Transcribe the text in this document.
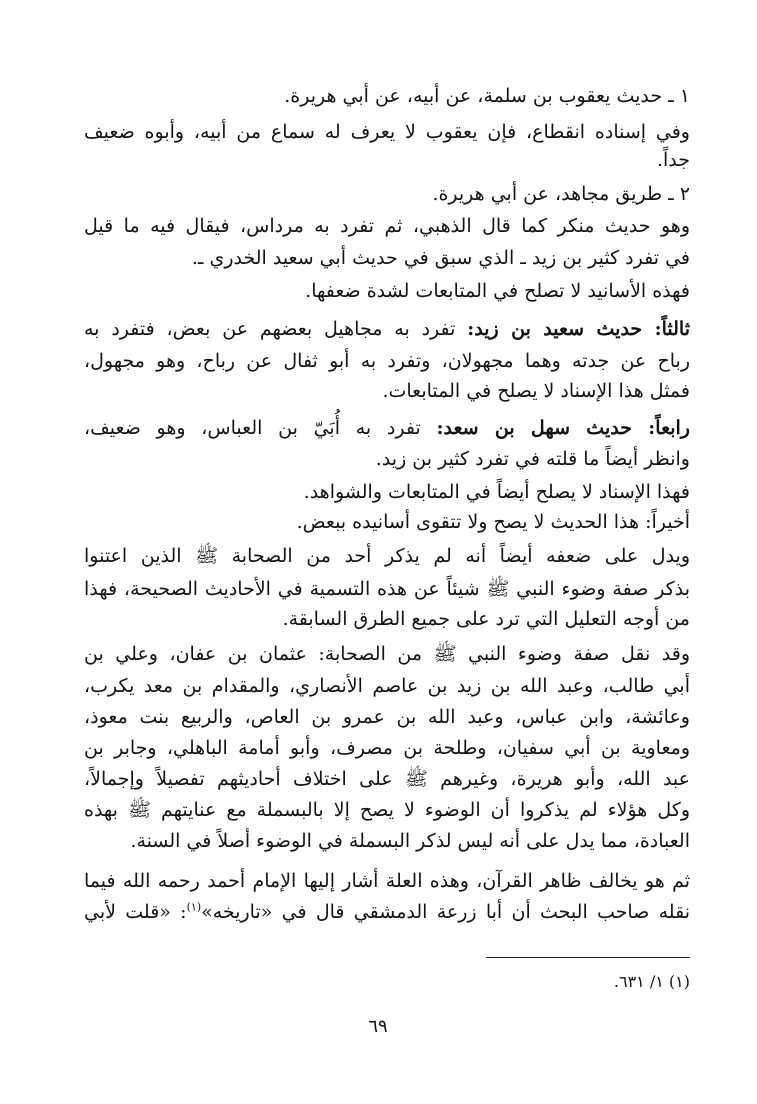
١ ـ حديث يعقوب بن سلمة، عن أبيه، عن أبي هريرة.
وفي إسناده انقطاع، فإن يعقوب لا يعرف له سماع من أبيه، وأبوه ضعيف
جداً.
٢ ـ طريق مجاهد، عن أبي هريرة.
وهو حديث منكر كما قال الذهبي، ثم تفرد به مرداس، فيقال فيه ما قيل
في تفرد كثير بن زيد ـ الذي سبق في حديث أبي سعيد الخدري ـ.
فهذه الأسانيد لا تصلح في المتابعات لشدة ضعفها.
ثالثاً: حديث سعيد بن زيد: تفرد به مجاهيل بعضهم عن بعض، فتفرد به
رباح عن جدته وهما مجهولان، وتفرد به أبو ثفال عن رباح، وهو مجهول،
فمثل هذا الإسناد لا يصلح في المتابعات.
رابعاً: حديث سهل بن سعد: تفرد به أُبَيّ بن العباس، وهو ضعيف،
وانظر أيضاً ما قلته في تفرد كثير بن زيد.
فهذا الإسناد لا يصلح أيضاً في المتابعات والشواهد.
أخيراً: هذا الحديث لا يصح ولا تتقوى أسانيده ببعض.
ويدل على ضعفه أيضاً أنه لم يذكر أحد من الصحابة ﷺ الذين اعتنوا
بذكر صفة وضوء النبي ﷺ شيئاً عن هذه التسمية في الأحاديث الصحيحة، فهذا
من أوجه التعليل التي ترد على جميع الطرق السابقة.
وقد نقل صفة وضوء النبي ﷺ من الصحابة: عثمان بن عفان، وعلي بن
أبي طالب، وعبد الله بن زيد بن عاصم الأنصاري، والمقدام بن معد يكرب،
وعائشة، وابن عباس، وعبد الله بن عمرو بن العاص، والربيع بنت معوذ،
ومعاوية بن أبي سفيان، وطلحة بن مصرف، وأبو أمامة الباهلي، وجابر بن
عبد الله، وأبو هريرة، وغيرهم ﷺ على اختلاف أحاديثهم تفصيلاً وإجمالاً،
وكل هؤلاء لم يذكروا أن الوضوء لا يصح إلا بالبسملة مع عنايتهم ﷺ بهذه
العبادة، مما يدل على أنه ليس لذكر البسملة في الوضوء أصلاً في السنة.
ثم هو يخالف ظاهر القرآن، وهذه العلة أشار إليها الإمام أحمد رحمه الله فيما
نقله صاحب البحث أن أبا زرعة الدمشقي قال في «تاريخه»$^{(١)}$: «قلت لأبي
(١) ١/ ٦٣١.
٦٩
